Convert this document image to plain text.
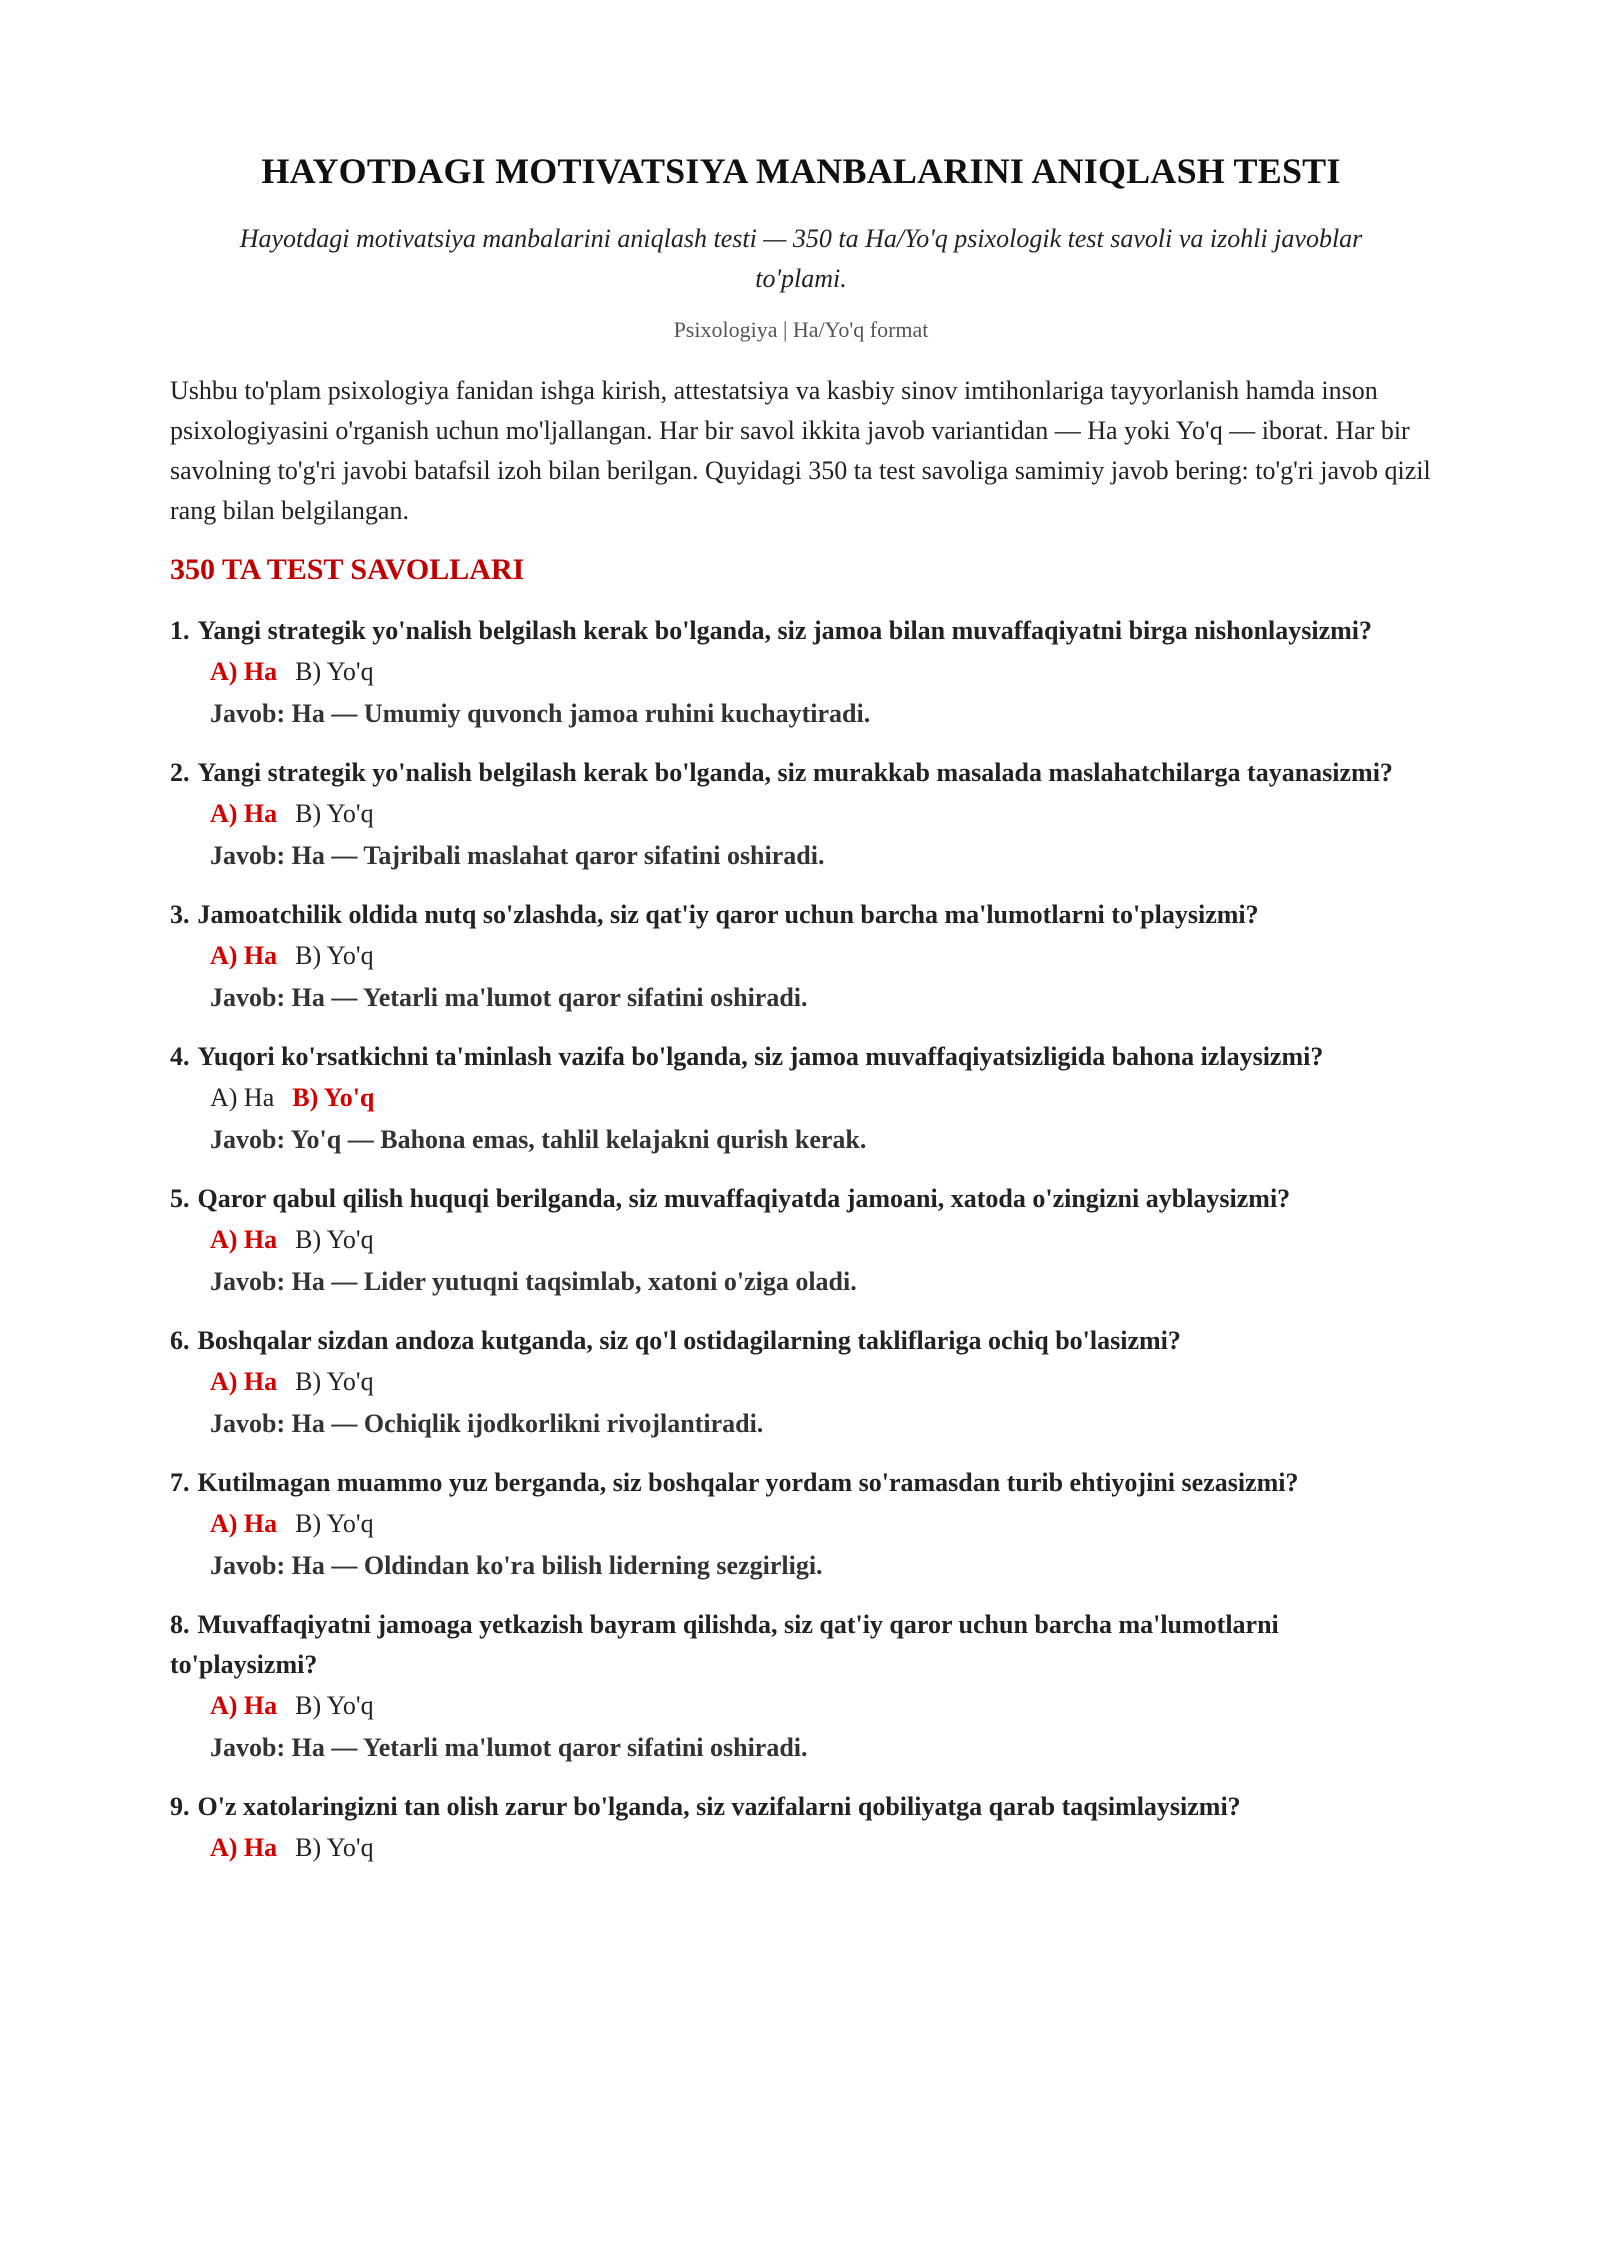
HAYOTDAGI MOTIVATSIYA MANBALARINI ANIQLASH TESTI
Hayotdagi motivatsiya manbalarini aniqlash testi — 350 ta Ha/Yo'q psixologik test savoli va izohli javoblar to'plami.
Psixologiya | Ha/Yo'q format

Ushbu to'plam psixologiya fanidan ishga kirish, attestatsiya va kasbiy sinov imtihonlariga tayyorlanish hamda inson psixologiyasini o'rganish uchun mo'ljallangan. Har bir savol ikkita javob variantidan — Ha yoki Yo'q — iborat. Har bir savolning to'g'ri javobi batafsil izoh bilan berilgan. Quyidagi 350 ta test savoliga samimiy javob bering: to'g'ri javob qizil rang bilan belgilangan.

350 TA TEST SAVOLLARI
1. Yangi strategik yo'nalish belgilash kerak bo'lganda, siz jamoa bilan muvaffaqiyatni birga nishonlaysizmi?
A) Ha B) Yo'q
Javob: Ha — Umumiy quvonch jamoa ruhini kuchaytiradi.
2. Yangi strategik yo'nalish belgilash kerak bo'lganda, siz murakkab masalada maslahatchilarga tayanasizmi?
A) Ha B) Yo'q
Javob: Ha — Tajribali maslahat qaror sifatini oshiradi.
3. Jamoatchilik oldida nutq so'zlashda, siz qat'iy qaror uchun barcha ma'lumotlarni to'playsizmi?
A) Ha B) Yo'q
Javob: Ha — Yetarli ma'lumot qaror sifatini oshiradi.
4. Yuqori ko'rsatkichni ta'minlash vazifa bo'lganda, siz jamoa muvaffaqiyatsizligida bahona izlaysizmi?
A) Ha B) Yo'q
Javob: Yo'q — Bahona emas, tahlil kelajakni qurish kerak.
5. Qaror qabul qilish huquqi berilganda, siz muvaffaqiyatda jamoani, xatoda o'zingizni ayblaysizmi?
A) Ha B) Yo'q
Javob: Ha — Lider yutuqni taqsimlab, xatoni o'ziga oladi.
6. Boshqalar sizdan andoza kutganda, siz qo'l ostidagilarning takliflariga ochiq bo'lasizmi?
A) Ha B) Yo'q
Javob: Ha — Ochiqlik ijodkorlikni rivojlantiradi.
7. Kutilmagan muammo yuz berganda, siz boshqalar yordam so'ramasdan turib ehtiyojini sezasizmi?
A) Ha B) Yo'q
Javob: Ha — Oldindan ko'ra bilish liderning sezgirligi.
8. Muvaffaqiyatni jamoaga yetkazish bayram qilishda, siz qat'iy qaror uchun barcha ma'lumotlarni to'playsizmi?
A) Ha B) Yo'q
Javob: Ha — Yetarli ma'lumot qaror sifatini oshiradi.
9. O'z xatolaringizni tan olish zarur bo'lganda, siz vazifalarni qobiliyatga qarab taqsimlaysizmi?
A) Ha B) Yo'q
